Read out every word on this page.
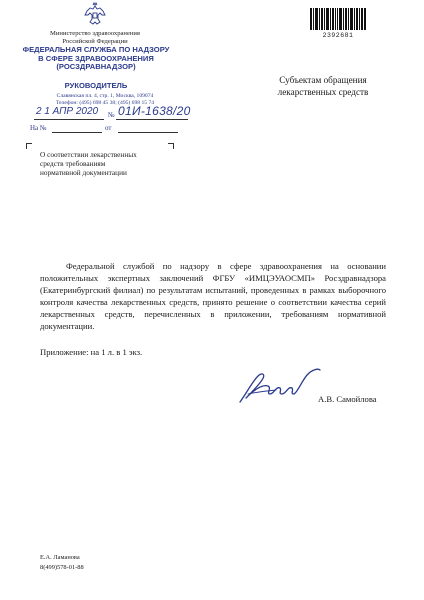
Министерство здравоохранения
Российской Федерации
ФЕДЕРАЛЬНАЯ СЛУЖБА ПО НАДЗОРУ
В СФЕРЕ ЗДРАВООХРАНЕНИЯ
(РОСЗДРАВНАДЗОР)
РУКОВОДИТЕЛЬ
Славянская пл. 4, стр. 1, Москва, 109074
Телефон: (495) 698 45 38; (495) 698 15 74
2392681
2 1 АПР 2020 № 01И-1638/20
На №	от
О соответствии лекарственных
средств требованиям
нормативной документации
Субъектам обращения
лекарственных средств
Федеральной службой по надзору в сфере здравоохранения на основании положительных экспертных заключений ФГБУ «ИМЦЭУАОСМП» Росздравнадзора (Екатеринбургский филиал) по результатам испытаний, проведенных в рамках выборочного контроля качества лекарственных средств, принято решение о соответствии качества серий лекарственных средств, перечисленных в приложении, требованиям нормативной документации.
Приложение: на 1 л. в 1 экз.
А.В. Самойлова
Е.А. Ламанова
8(499)578-01-88
